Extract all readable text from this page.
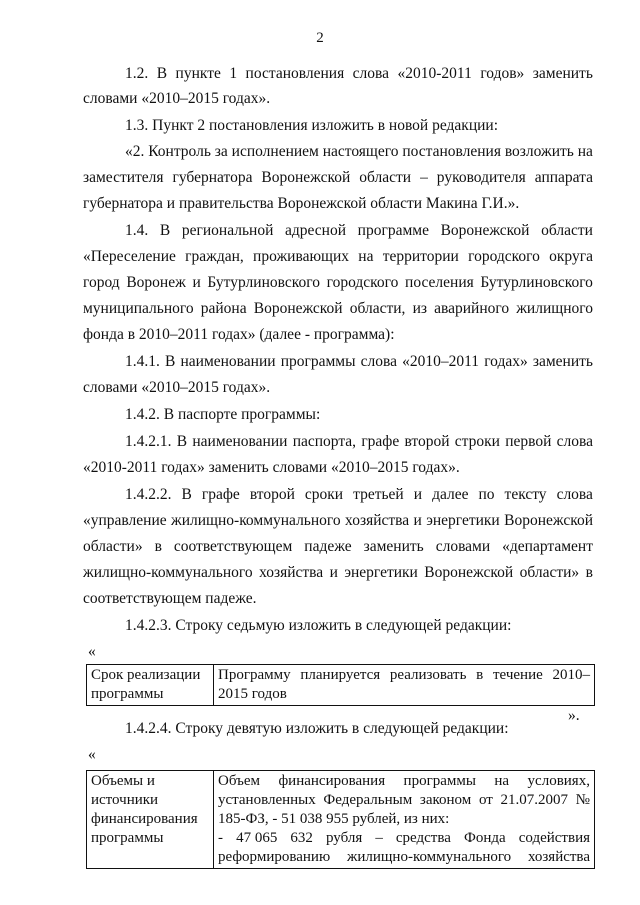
2
1.2. В пункте 1 постановления слова «2010-2011 годов» заменить
словами «2010–2015 годах».
1.3. Пункт 2 постановления изложить в новой редакции:
«2. Контроль за исполнением настоящего постановления возложить на
заместителя губернатора Воронежской области – руководителя аппарата
губернатора и правительства Воронежской области Макина Г.И.».
1.4. В региональной адресной программе Воронежской области
«Переселение граждан, проживающих на территории городского округа
город Воронеж и Бутурлиновского городского поселения Бутурлиновского
муниципального района Воронежской области, из аварийного жилищного
фонда в 2010–2011 годах» (далее - программа):
1.4.1. В наименовании программы слова «2010–2011 годах» заменить
словами «2010–2015 годах».
1.4.2. В паспорте программы:
1.4.2.1. В наименовании паспорта, графе второй строки первой слова
«2010-2011 годах» заменить словами «2010–2015 годах».
1.4.2.2. В графе второй сроки третьей и далее по тексту слова
«управление жилищно-коммунального хозяйства и энергетики Воронежской
области» в соответствующем падеже заменить словами «департамент
жилищно-коммунального хозяйства и энергетики Воронежской области» в
соответствующем падеже.
1.4.2.3. Строку седьмую изложить в следующей редакции:
«
Срок реализации
программы

Программу планируется реализовать в течение 2010–
2015 годов
».
1.4.2.4. Строку девятую изложить в следующей редакции:
«
Объемы и
источники
финансирования
программы

Объем финансирования программы на условиях,
установленных Федеральным законом от 21.07.2007 №
185-ФЗ, - 51 038 955 рублей, из них:
- 47 065 632 рубля – средства Фонда содействия
реформированию жилищно-коммунального хозяйства
